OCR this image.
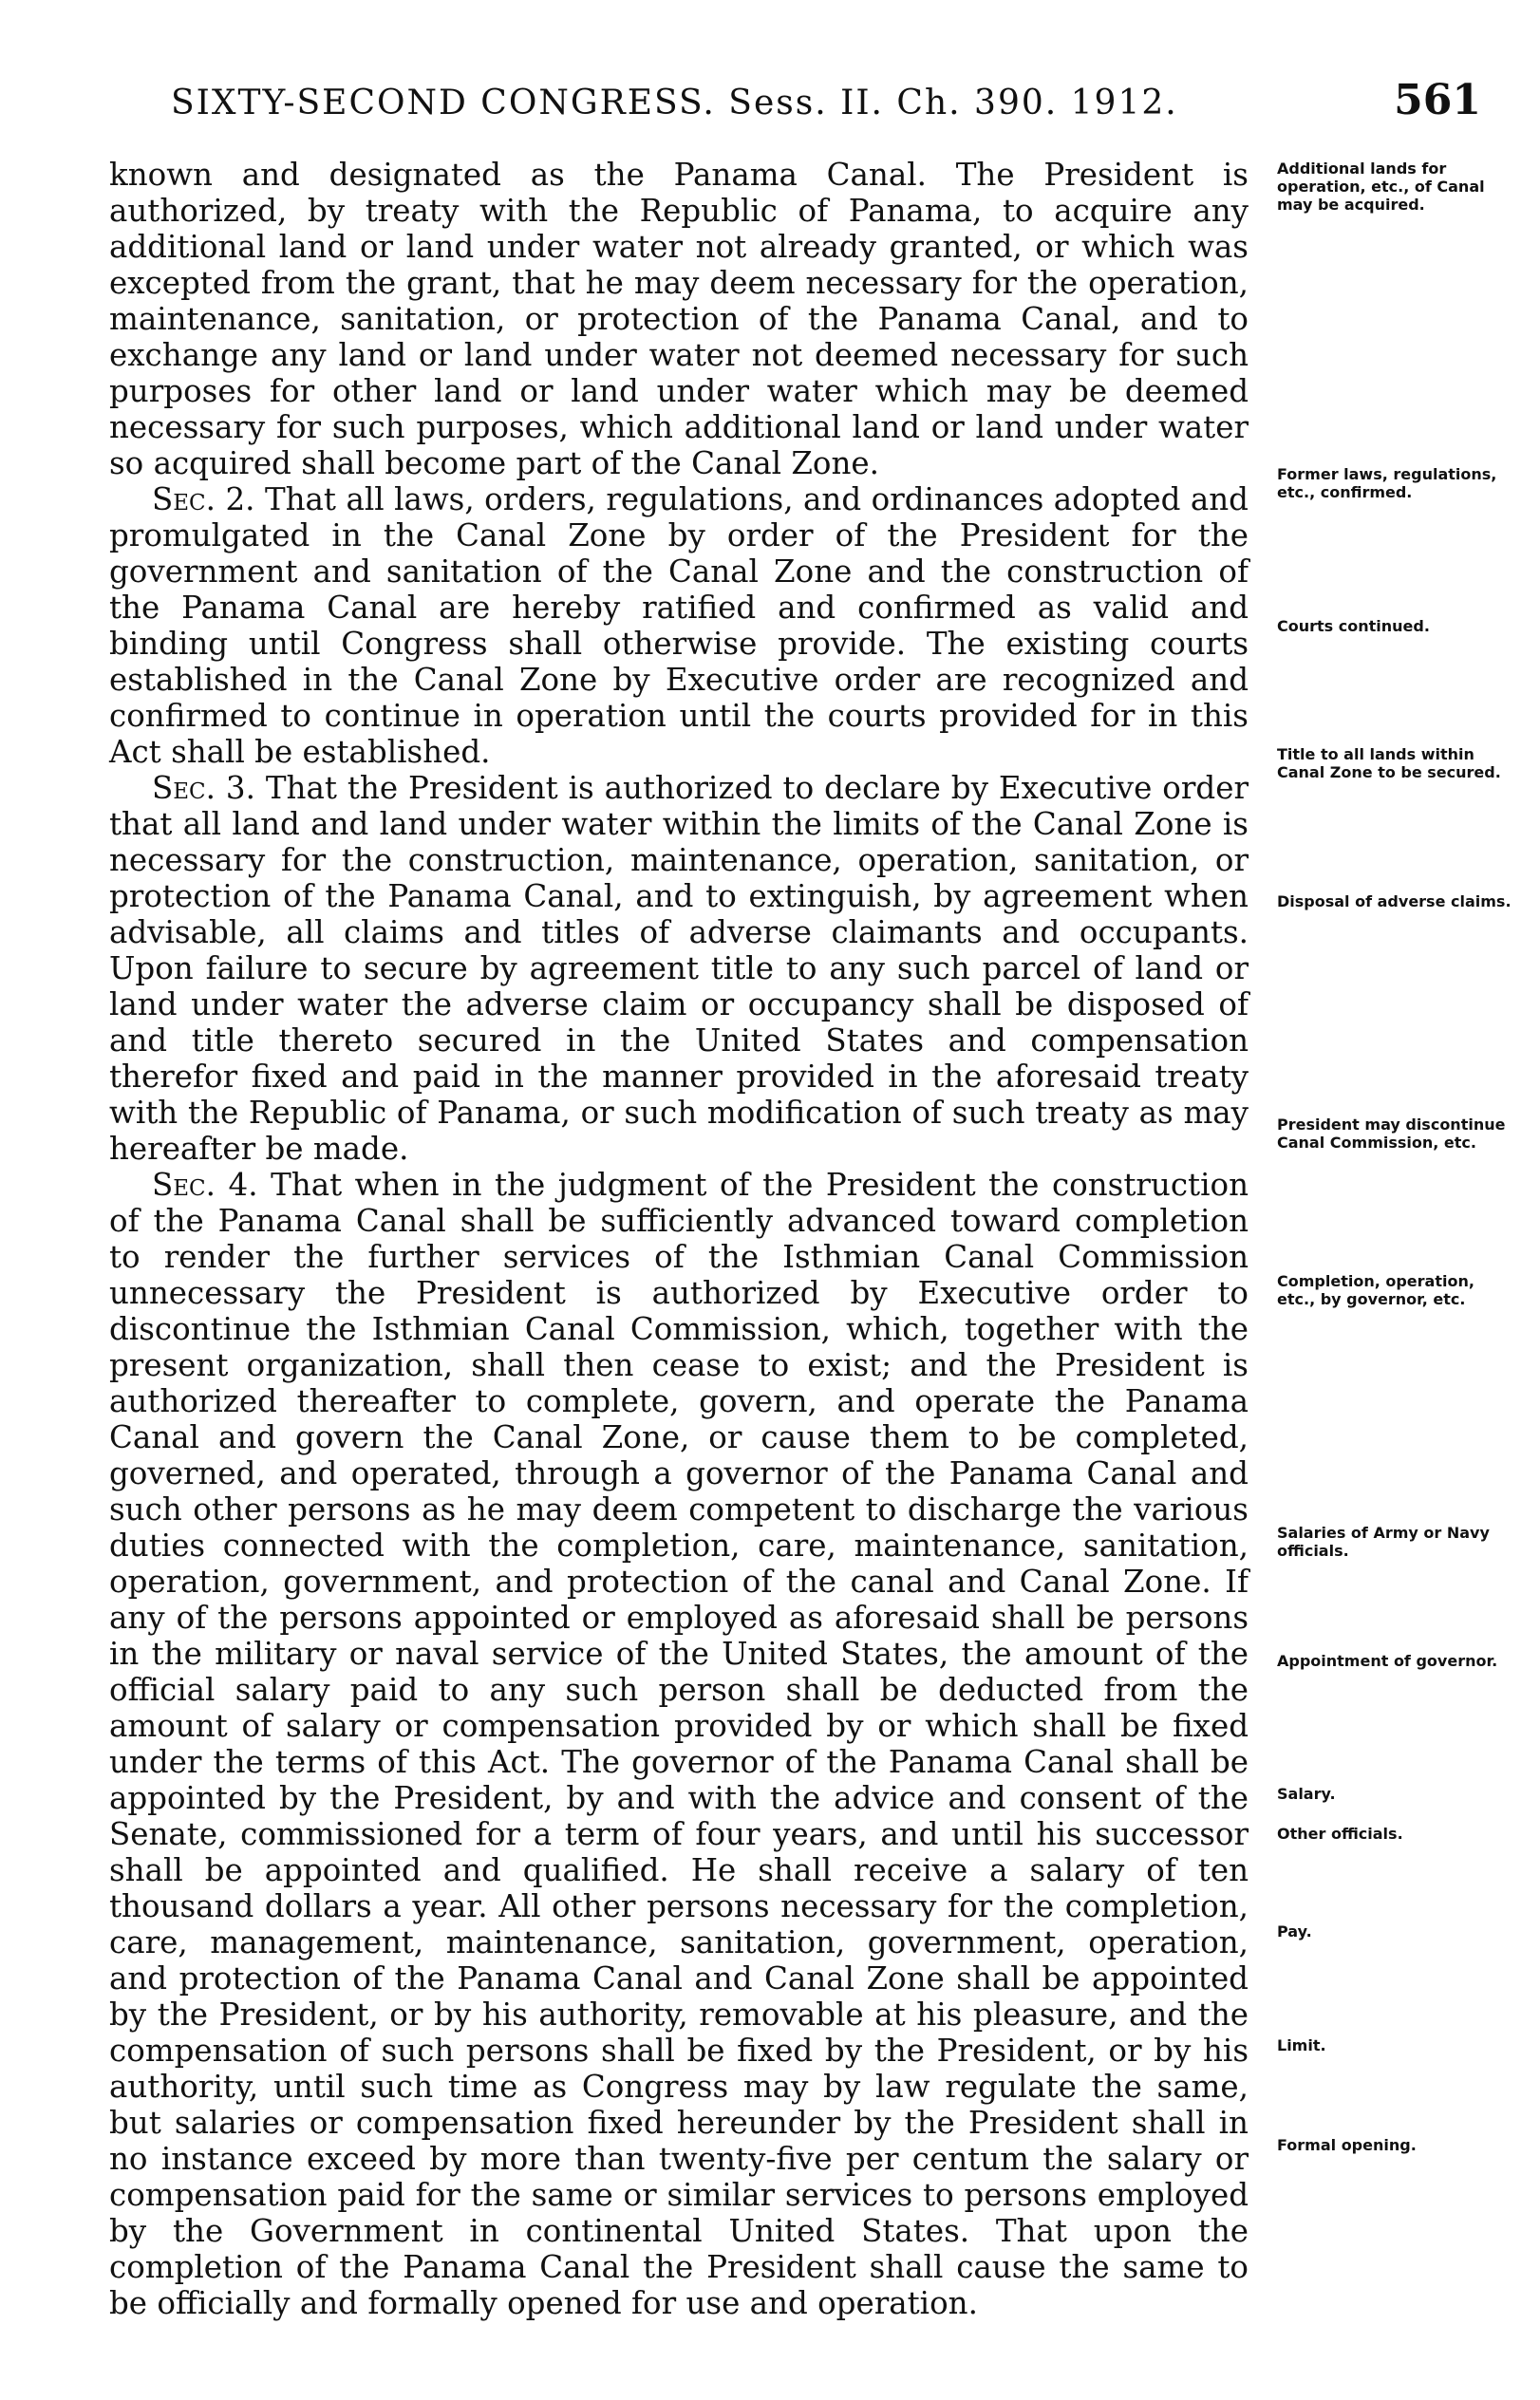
SIXTY-SECOND CONGRESS. Sess. II. Ch. 390. 1912.	561

known and designated as the Panama Canal. The President is authorized, by treaty with the Republic of Panama, to acquire any additional land or land under water not already granted, or which was excepted from the grant, that he may deem necessary for the operation, maintenance, sanitation, or protection of the Panama Canal, and to exchange any land or land under water not deemed necessary for such purposes for other land or land under water which may be deemed necessary for such purposes, which additional land or land under water so acquired shall become part of the Canal Zone.

Sec. 2. That all laws, orders, regulations, and ordinances adopted and promulgated in the Canal Zone by order of the President for the government and sanitation of the Canal Zone and the construction of the Panama Canal are hereby ratified and confirmed as valid and binding until Congress shall otherwise provide. The existing courts established in the Canal Zone by Executive order are recognized and confirmed to continue in operation until the courts provided for in this Act shall be established.

Sec. 3. That the President is authorized to declare by Executive order that all land and land under water within the limits of the Canal Zone is necessary for the construction, maintenance, operation, sanitation, or protection of the Panama Canal, and to extinguish, by agreement when advisable, all claims and titles of adverse claimants and occupants. Upon failure to secure by agreement title to any such parcel of land or land under water the adverse claim or occupancy shall be disposed of and title thereto secured in the United States and compensation therefor fixed and paid in the manner provided in the aforesaid treaty with the Republic of Panama, or such modification of such treaty as may hereafter be made.

Sec. 4. That when in the judgment of the President the construction of the Panama Canal shall be sufficiently advanced toward completion to render the further services of the Isthmian Canal Commission unnecessary the President is authorized by Executive order to discontinue the Isthmian Canal Commission, which, together with the present organization, shall then cease to exist; and the President is authorized thereafter to complete, govern, and operate the Panama Canal and govern the Canal Zone, or cause them to be completed, governed, and operated, through a governor of the Panama Canal and such other persons as he may deem competent to discharge the various duties connected with the completion, care, maintenance, sanitation, operation, government, and protection of the canal and Canal Zone. If any of the persons appointed or employed as aforesaid shall be persons in the military or naval service of the United States, the amount of the official salary paid to any such person shall be deducted from the amount of salary or compensation provided by or which shall be fixed under the terms of this Act. The governor of the Panama Canal shall be appointed by the President, by and with the advice and consent of the Senate, commissioned for a term of four years, and until his successor shall be appointed and qualified. He shall receive a salary of ten thousand dollars a year. All other persons necessary for the completion, care, management, maintenance, sanitation, government, operation, and protection of the Panama Canal and Canal Zone shall be appointed by the President, or by his authority, removable at his pleasure, and the compensation of such persons shall be fixed by the President, or by his authority, until such time as Congress may by law regulate the same, but salaries or compensation fixed hereunder by the President shall in no instance exceed by more than twenty-five per centum the salary or compensation paid for the same or similar services to persons employed by the Government in continental United States. That upon the completion of the Panama Canal the President shall cause the same to be officially and formally opened for use and operation.

Additional lands for operation, etc., of Canal may be acquired.
Former laws, regulations, etc., confirmed.
Courts continued.
Title to all lands within Canal Zone to be secured.
Disposal of adverse claims.
President may discontinue Canal Commission, etc.
Completion, operation, etc., by governor, etc.
Salaries of Army or Navy officials.
Appointment of governor.
Salary.
Other officials.
Pay.
Limit.
Formal opening.
